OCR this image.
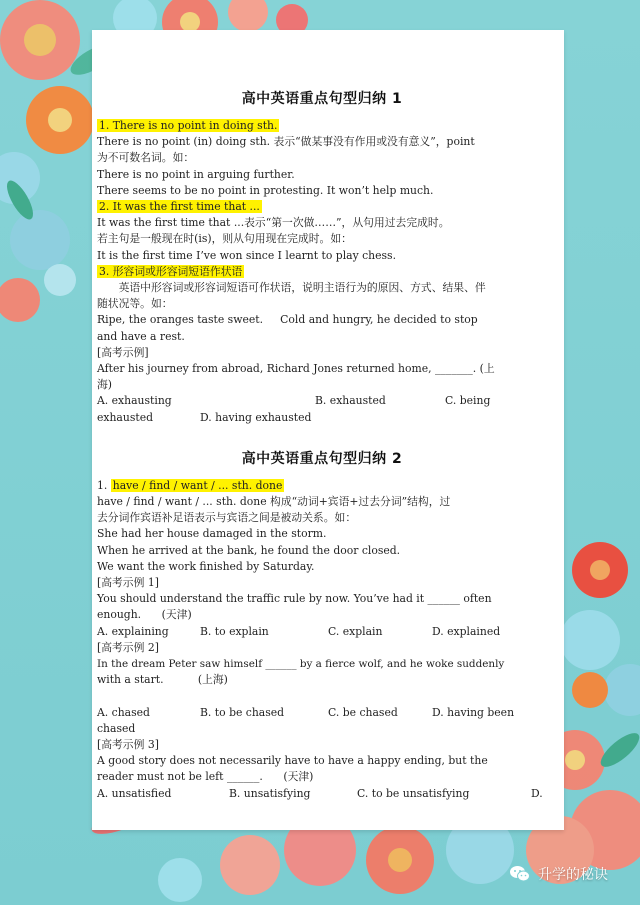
高中英语重点句型归纳 1
1. There is no point in doing sth.
There is no point (in) doing sth. 表示“做某事没有作用或没有意义”，point
为不可数名词。如：
There is no point in arguing further.
There seems to be no point in protesting. It won’t help much.
2. It was the first time that ...
It was the first time that ...表示“第一次做……”，从句用过去完成时。
若主句是一般现在时(is)，则从句用现在完成时。如：
It is the first time I’ve won since I learnt to play chess.
3. 形容词或形容词短语作状语
英语中形容词或形容词短语可作状语，说明主语行为的原因、方式、结果、伴
随状况等。如：
Ripe, the oranges taste sweet.     Cold and hungry, he decided to stop
and have a rest.
[高考示例]
After his journey from abroad, Richard Jones returned home, _______. (上
海)
A. exhausting	B. exhausted	C. being
exhausted	D. having exhausted
高中英语重点句型归纳 2
1. have / find / want / ... sth. done
have / find / want / ... sth. done 构成“动词+宾语+过去分词”结构，过
去分词作宾语补足语表示与宾语之间是被动关系。如：
She had her house damaged in the storm.
When he arrived at the bank, he found the door closed.
We want the work finished by Saturday.
[高考示例 1]
You should understand the traffic rule by now. You’ve had it ______ often
enough.      (天津)
A. explaining	B. to explain	C. explain	D. explained
[高考示例 2]
In the dream Peter saw himself ______ by a fierce wolf, and he woke suddenly
with a start.          (上海)
A. chased	B. to be chased	C. be chased	D. having been
chased
[高考示例 3]
A good story does not necessarily have to have a happy ending, but the
reader must not be left ______.      (天津)
A. unsatisfied	B. unsatisfying	C. to be unsatisfying	D.
升学的秘诀
